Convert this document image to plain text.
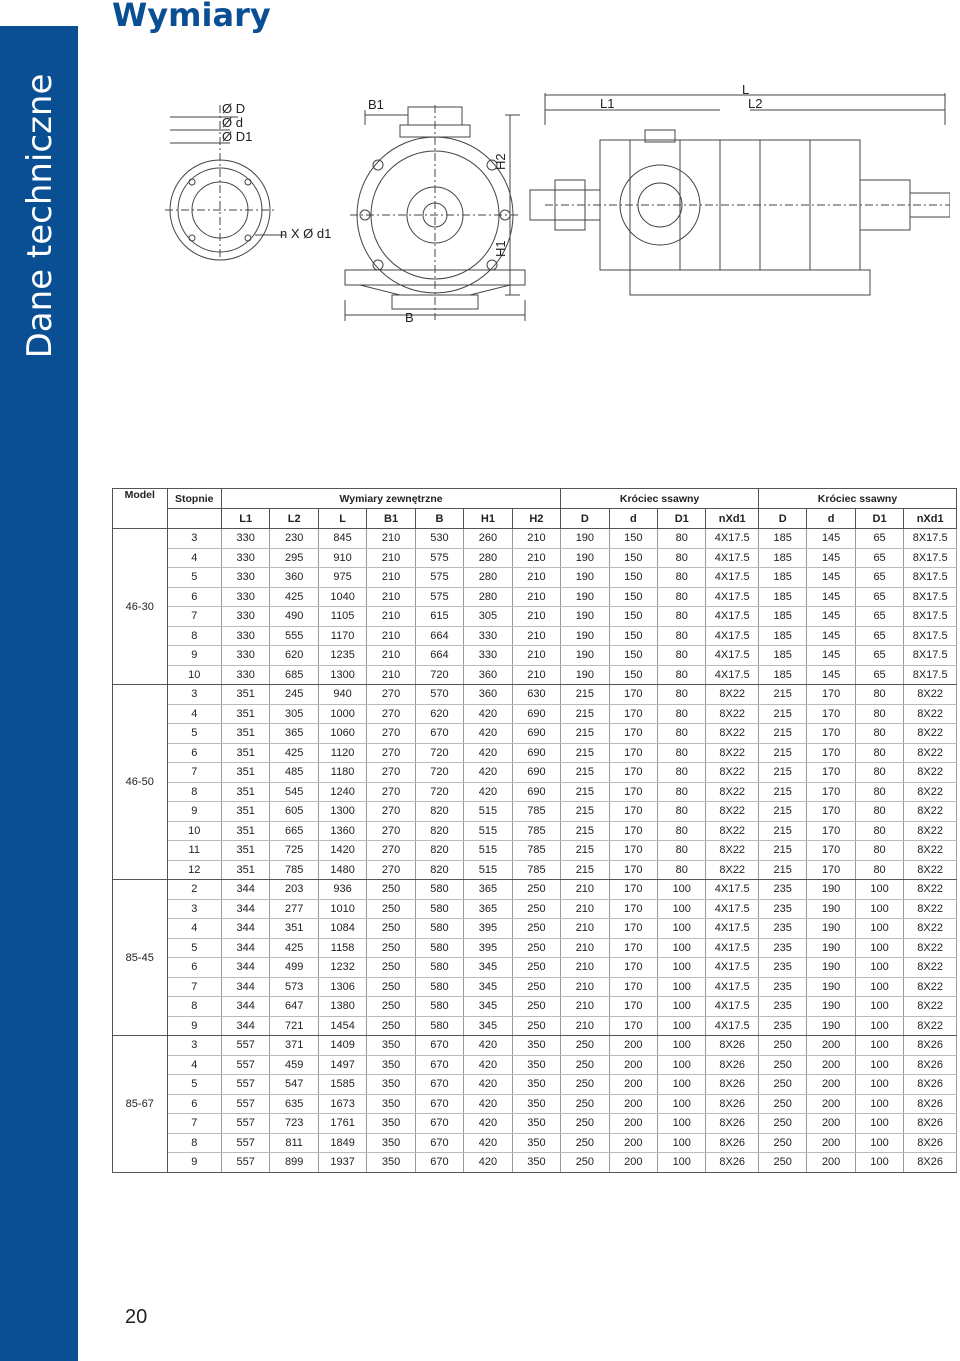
Dane techniczne
Wymiary
Ø D
Ø d
Ø D1
n X Ø d1
B1
B
H1
H2
L
L1	L2
Model	Stopnie	Wymiary zewnętrzne							Króciec ssawny				Króciec ssawny			
		L1	L2	L	B1	B	H1	H2	D	d	D1	nXd1	D	d	D1	nXd1
46-30	3	330	230	845	210	530	260	210	190	150	80	4X17.5	185	145	65	8X17.5
	4	330	295	910	210	575	280	210	190	150	80	4X17.5	185	145	65	8X17.5
	5	330	360	975	210	575	280	210	190	150	80	4X17.5	185	145	65	8X17.5
	6	330	425	1040	210	575	280	210	190	150	80	4X17.5	185	145	65	8X17.5
	7	330	490	1105	210	615	305	210	190	150	80	4X17.5	185	145	65	8X17.5
	8	330	555	1170	210	664	330	210	190	150	80	4X17.5	185	145	65	8X17.5
	9	330	620	1235	210	664	330	210	190	150	80	4X17.5	185	145	65	8X17.5
	10	330	685	1300	210	720	360	210	190	150	80	4X17.5	185	145	65	8X17.5
46-50	3	351	245	940	270	570	360	630	215	170	80	8X22	215	170	80	8X22
	4	351	305	1000	270	620	420	690	215	170	80	8X22	215	170	80	8X22
	5	351	365	1060	270	670	420	690	215	170	80	8X22	215	170	80	8X22
	6	351	425	1120	270	720	420	690	215	170	80	8X22	215	170	80	8X22
	7	351	485	1180	270	720	420	690	215	170	80	8X22	215	170	80	8X22
	8	351	545	1240	270	720	420	690	215	170	80	8X22	215	170	80	8X22
	9	351	605	1300	270	820	515	785	215	170	80	8X22	215	170	80	8X22
	10	351	665	1360	270	820	515	785	215	170	80	8X22	215	170	80	8X22
	11	351	725	1420	270	820	515	785	215	170	80	8X22	215	170	80	8X22
	12	351	785	1480	270	820	515	785	215	170	80	8X22	215	170	80	8X22
85-45	2	344	203	936	250	580	365	250	210	170	100	4X17.5	235	190	100	8X22
	3	344	277	1010	250	580	365	250	210	170	100	4X17.5	235	190	100	8X22
	4	344	351	1084	250	580	395	250	210	170	100	4X17.5	235	190	100	8X22
	5	344	425	1158	250	580	395	250	210	170	100	4X17.5	235	190	100	8X22
	6	344	499	1232	250	580	345	250	210	170	100	4X17.5	235	190	100	8X22
	7	344	573	1306	250	580	345	250	210	170	100	4X17.5	235	190	100	8X22
	8	344	647	1380	250	580	345	250	210	170	100	4X17.5	235	190	100	8X22
	9	344	721	1454	250	580	345	250	210	170	100	4X17.5	235	190	100	8X22
85-67	3	557	371	1409	350	670	420	350	250	200	100	8X26	250	200	100	8X26
	4	557	459	1497	350	670	420	350	250	200	100	8X26	250	200	100	8X26
	5	557	547	1585	350	670	420	350	250	200	100	8X26	250	200	100	8X26
	6	557	635	1673	350	670	420	350	250	200	100	8X26	250	200	100	8X26
	7	557	723	1761	350	670	420	350	250	200	100	8X26	250	200	100	8X26
	8	557	811	1849	350	670	420	350	250	200	100	8X26	250	200	100	8X26
	9	557	899	1937	350	670	420	350	250	200	100	8X26	250	200	100	8X26
20
